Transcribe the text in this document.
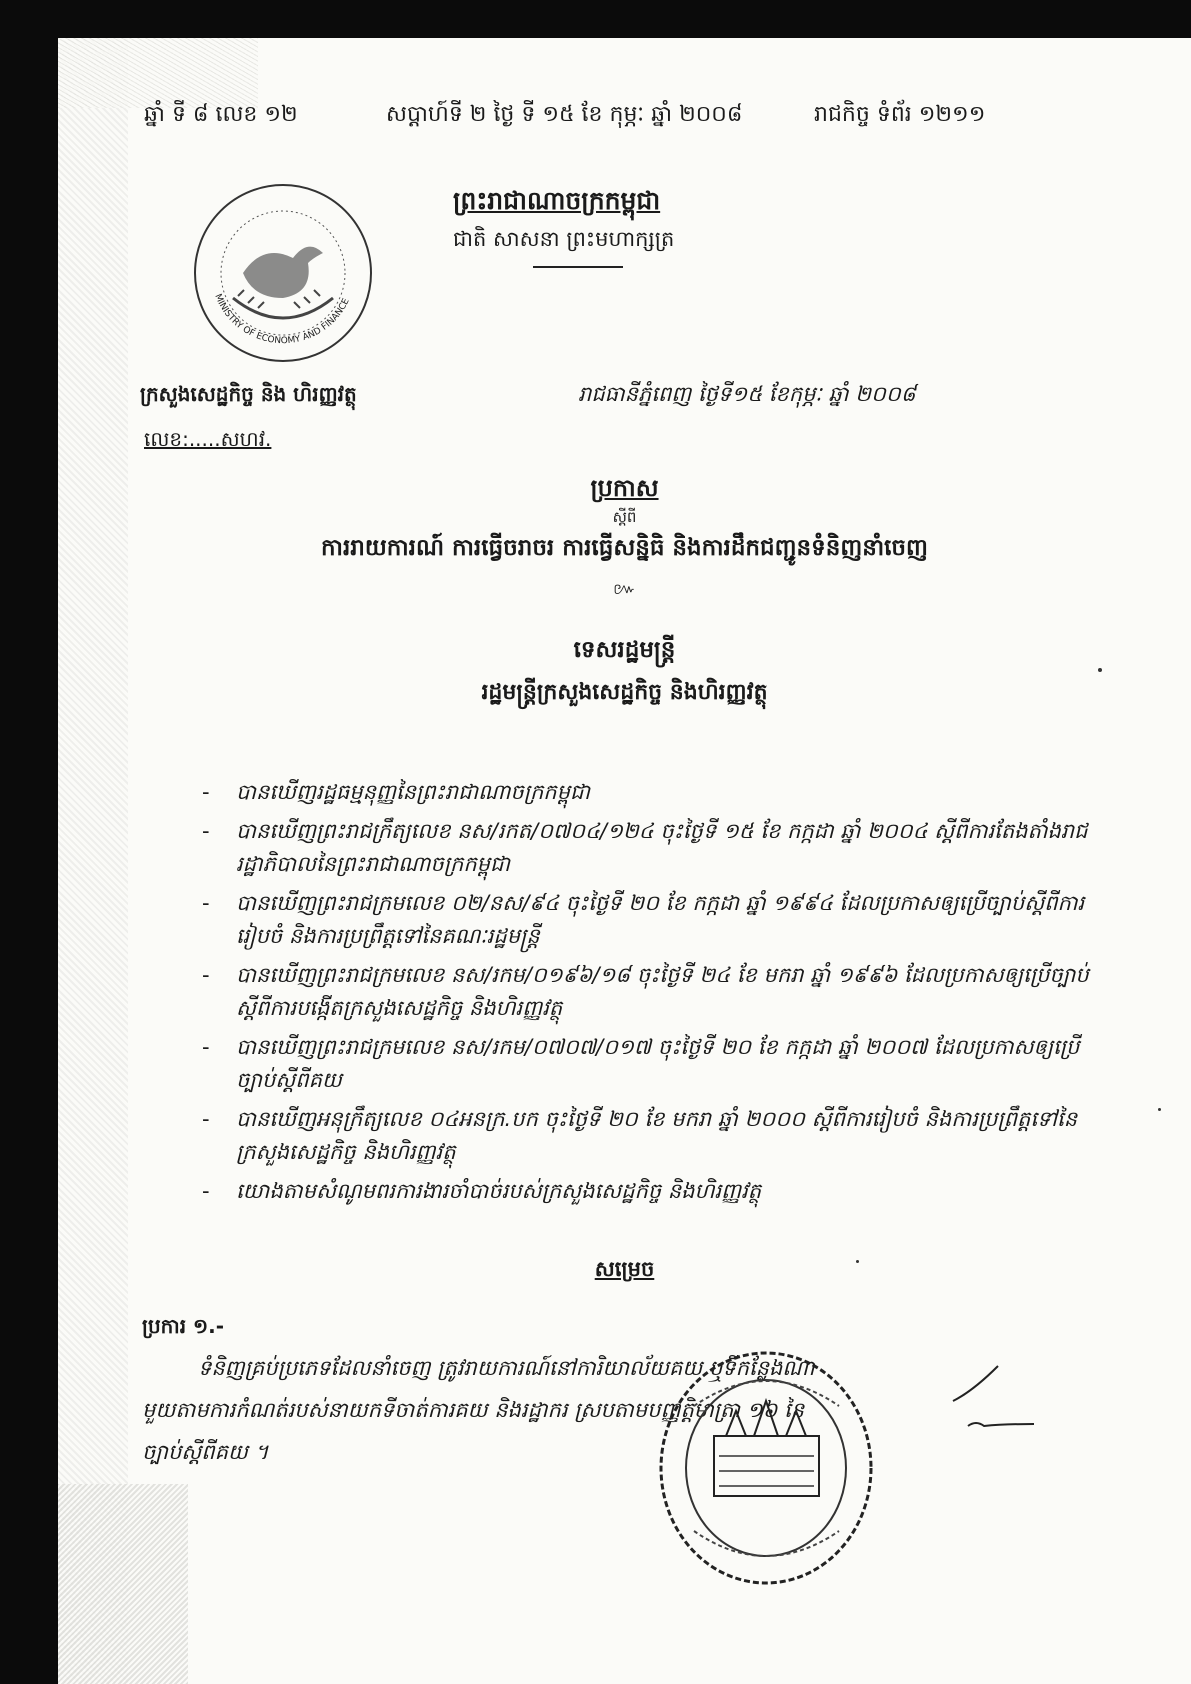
ឆ្នាំ ទី ៨ លេខ ១២	សប្តាហ៍ទី ២ ថ្ងៃ ទី ១៥ ខែ កុម្ភៈ ឆ្នាំ ២០០៨	រាជកិច្ច ទំព័រ ១២១១
ព្រះរាជាណាចក្រកម្ពុជា
ជាតិ សាសនា ព្រះមហាក្សត្រ
MINISTRY OF ECONOMY AND FINANCE
ក្រសួងសេដ្ឋកិច្ច និង ហិរញ្ញវត្ថុ
លេខ:.....សហវ.
រាជធានីភ្នំពេញ ថ្ងៃទី១៥ ខែកុម្ភៈ ឆ្នាំ ២០០៨
ប្រកាស
ស្តីពី
ការរាយការណ៍ ការធ្វើចរាចរ ការធ្វើសន្និធិ និងការដឹកជញ្ជូនទំនិញនាំចេញ
៚
ទេសរដ្ឋមន្ត្រី
រដ្ឋមន្ត្រីក្រសួងសេដ្ឋកិច្ច និងហិរញ្ញវត្ថុ
- បានឃើញរដ្ឋធម្មនុញ្ញនៃព្រះរាជាណាចក្រកម្ពុជា
- បានឃើញព្រះរាជក្រឹត្យលេខ នស/រកត/០៧០៤/១២៤ ចុះថ្ងៃទី ១៥ ខែ កក្កដា ឆ្នាំ ២០០៤ ស្តីពីការតែងតាំងរាជរដ្ឋាភិបាលនៃព្រះរាជាណាចក្រកម្ពុជា
- បានឃើញព្រះរាជក្រមលេខ ០២/នស/៩៤ ចុះថ្ងៃទី ២០ ខែ កក្កដា ឆ្នាំ ១៩៩៤ ដែលប្រកាសឲ្យប្រើច្បាប់ស្តីពីការរៀបចំ និងការប្រព្រឹត្តទៅនៃគណៈរដ្ឋមន្ត្រី
- បានឃើញព្រះរាជក្រមលេខ នស/រកម/០១៩៦/១៨ ចុះថ្ងៃទី ២៤ ខែ មករា ឆ្នាំ ១៩៩៦ ដែលប្រកាសឲ្យប្រើច្បាប់ស្តីពីការបង្កើតក្រសួងសេដ្ឋកិច្ច និងហិរញ្ញវត្ថុ
- បានឃើញព្រះរាជក្រមលេខ នស/រកម/០៧០៧/០១៧ ចុះថ្ងៃទី ២០ ខែ កក្កដា ឆ្នាំ ២០០៧ ដែលប្រកាសឲ្យប្រើច្បាប់ស្តីពីគយ
- បានឃើញអនុក្រឹត្យលេខ ០៤អនក្រ.បក ចុះថ្ងៃទី ២០ ខែ មករា ឆ្នាំ ២០០០ ស្តីពីការរៀបចំ និងការប្រព្រឹត្តទៅនៃក្រសួងសេដ្ឋកិច្ច និងហិរញ្ញវត្ថុ
- យោងតាមសំណូមពរការងារចាំបាច់របស់ក្រសួងសេដ្ឋកិច្ច និងហិរញ្ញវត្ថុ
សម្រេច
ប្រការ ១.-
ទំនិញគ្រប់ប្រភេទដែលនាំចេញ ត្រូវរាយការណ៍នៅការិយាល័យគយ ឬទីកន្លែងណា
មួយតាមការកំណត់របស់នាយកទីចាត់ការគយ និងរដ្ឋាករ ស្របតាមបញ្ញត្តិមាត្រា ១៦ នៃ
ច្បាប់ស្តីពីគយ ។
